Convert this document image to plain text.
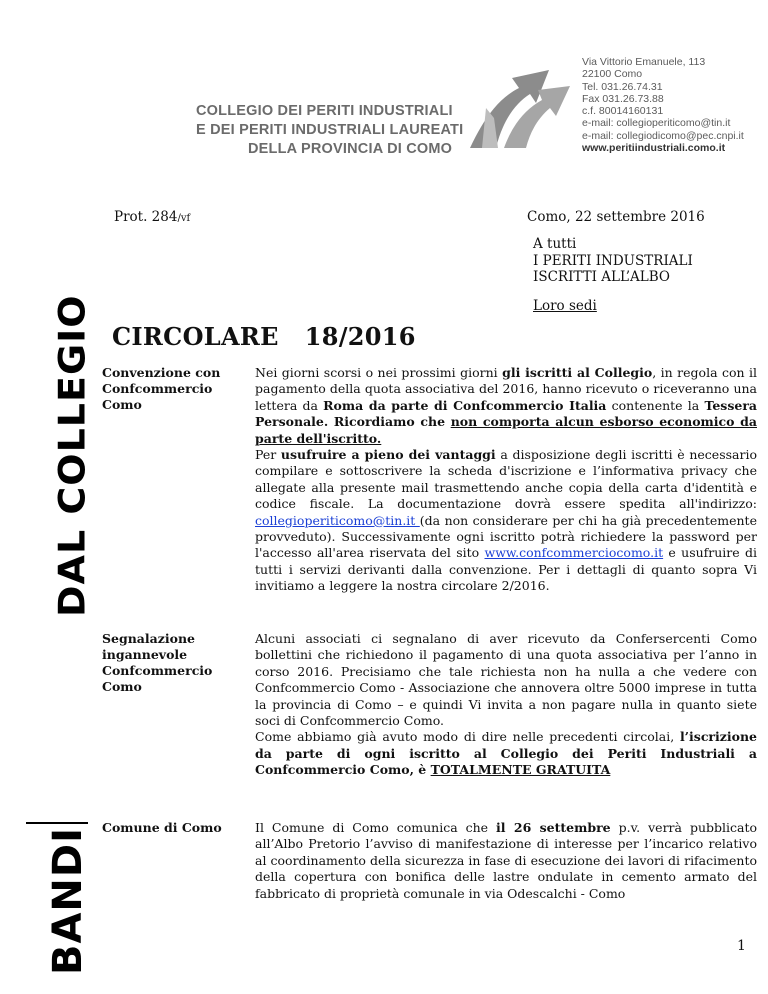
COLLEGIO DEI PERITI INDUSTRIALI
E DEI PERITI INDUSTRIALI LAUREATI
DELLA PROVINCIA DI COMO
Via Vittorio Emanuele, 113
22100 Como
Tel. 031.26.74.31
Fax 031.26.73.88
c.f. 80014160131
e-mail: collegioperiticomo@tin.it
e-mail: collegiodicomo@pec.cnpi.it
www.peritiindustriali.como.it
Prot. 284/vf	Como, 22 settembre 2016
A tutti
I PERITI INDUSTRIALI
ISCRITTI ALL’ALBO
Loro sedi
CIRCOLARE 18/2016
DAL COLLEGIO
BANDI
Convenzione con
Confcommercio
Como

Nei giorni scorsi o nei prossimi giorni gli iscritti al Collegio, in regola con il pagamento della quota associativa del 2016, hanno ricevuto o riceveranno una lettera da Roma da parte di Confcommercio Italia contenente la Tessera Personale. Ricordiamo che non comporta alcun esborso economico da parte dell'iscritto.

Per usufruire a pieno dei vantaggi a disposizione degli iscritti è necessario compilare e sottoscrivere la scheda d'iscrizione e l’informativa privacy che allegate alla presente mail trasmettendo anche copia della carta d'identità e codice fiscale. La documentazione dovrà essere spedita all'indirizzo: collegioperiticomo@tin.it (da non considerare per chi ha già precedentemente provveduto). Successivamente ogni iscritto potrà richiedere la password per l'accesso all'area riservata del sito www.confcommerciocomo.it e usufruire di tutti i servizi derivanti dalla convenzione. Per i dettagli di quanto sopra Vi invitiamo a leggere la nostra circolare 2/2016.

Segnalazione
ingannevole
Confcommercio
Como

Alcuni associati ci segnalano di aver ricevuto da Confersercenti Como bollettini che richiedono il pagamento di una quota associativa per l’anno in corso 2016. Precisiamo che tale richiesta non ha nulla a che vedere con Confcommercio Como - Associazione che annovera oltre 5000 imprese in tutta la provincia di Como – e quindi Vi invita a non pagare nulla in quanto siete soci di Confcommercio Como.

Come abbiamo già avuto modo di dire nelle precedenti circolai, l’iscrizione da parte di ogni iscritto al Collegio dei Periti Industriali a Confcommercio Como, è TOTALMENTE GRATUITA

Comune di Como	Il Comune di Como comunica che il 26 settembre p.v. verrà pubblicato all’Albo Pretorio l’avviso di manifestazione di interesse per l’incarico relativo al coordinamento della sicurezza in fase di esecuzione dei lavori di rifacimento della copertura con bonifica delle lastre ondulate in cemento armato del fabbricato di proprietà comunale in via Odescalchi - Como

1
